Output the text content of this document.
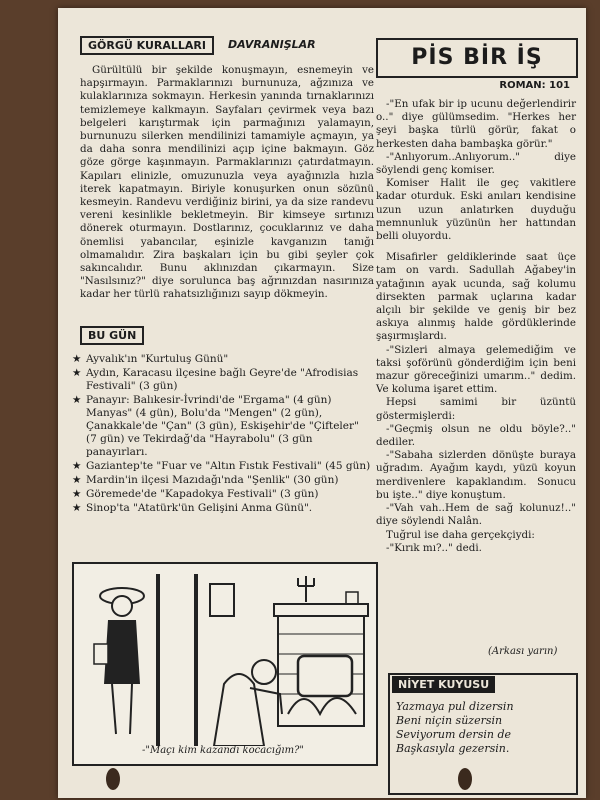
GÖRGÜ KURALLARI	DAVRANIŞLAR
Gürültülü bir şekilde konuşmayın, esnemeyin ve hapşırmayın. Parmaklarınızı burnunuza, ağzınıza ve kulaklarınıza sokmayın. Herkesin yanında tırnaklarınızı temizlemeye kalkmayın. Sayfaları çevirmek veya bazı belgeleri karıştırmak için parmağınızı yalamayın, burnunuzu silerken mendilinizi tamamiyle açmayın, ya da daha sonra mendilinizi açıp içine bakmayın. Göz göze görge kaşınmayın. Parmaklarınızı çatırdatmayın. Kapıları elinizle, omuzunuzla veya ayağınızla hızla iterek kapatmayın. Biriyle konuşurken onun sözünü kesmeyin. Randevu verdiğiniz birini, ya da size randevu vereni kesinlikle bekletmeyin. Bir kimseye sırtınızı dönerek oturmayın. Dostlarınız, çocuklarınız ve daha önemlisi yabancılar, eşinizle kavganızın tanığı olmamalıdır. Zira başkaları için bu gibi şeyler çok sakıncalıdır. Bunu aklınızdan çıkarmayın. Size "Nasılsınız?" diye sorulunca baş ağrınızdan nasırınıza kadar her türlü rahatsızlığınızı sayıp dökmeyin.
BU GÜN
★ Ayvalık'ın "Kurtuluş Günü"
★ Aydın, Karacasu ilçesine bağlı Geyre'de "Afrodisias Festivali" (3 gün)
★ Panayır: Balıkesir-İvrindi'de "Ergama" (4 gün) Manyas" (4 gün), Bolu'da "Mengen" (2 gün), Çanakkale'de "Çan" (3 gün), Eskişehir'de "Çifteler" (7 gün) ve Tekirdağ'da "Hayrabolu" (3 gün panayırları.
★ Gaziantep'te "Fuar ve "Altın Fıstık Festivali" (45 gün)
★ Mardin'in ilçesi Mazıdağı'nda "Şenlik" (30 gün)
★ Göremede'de "Kapadokya Festivali" (3 gün)
★ Sinop'ta "Atatürk'ün Gelişini Anma Günü".
-"Maçı kim kazandı kocacığım?"
PİS BİR İŞ
ROMAN: 101

-"En ufak bir ip ucunu değerlendirir o.." diye gülümsedim. "Herkes her şeyi başka türlü görür, fakat o herkesten daha bambaşka görür."

-"Anlıyorum..Anlıyorum.." diye söylendi genç komiser.

Komiser Halit ile geç vakitlere kadar oturduk. Eski anıları kendisine uzun uzun anlatırken duyduğu memnunluk yüzünün her hattından belli oluyordu.

Misafirler geldiklerinde saat üçe tam on vardı. Sadullah Ağabey'in yatağının ayak ucunda, sağ kolumu dirsekten parmak uçlarına kadar alçılı bir şekilde ve geniş bir bez askıya alınmış halde gördüklerinde şaşırmışlardı.

-"Sizleri almaya gelemediğim ve taksi şoförünü gönderdiğim için beni mazur göreceğinizi umarım.." dedim. Ve koluma işaret ettim.

Hepsi samimi bir üzüntü göstermişlerdi:

-"Geçmiş olsun ne oldu böyle?.." dediler.

-"Sabaha sizlerden dönüşte buraya uğradım. Ayağım kaydı, yüzü koyun merdivenlere kapaklandım. Sonucu bu işte.." diye konuştum.

-"Vah vah..Hem de sağ kolunuz!.." diye söylendi Nalân.

Tuğrul ise daha gerçekçiydi:

-"Kırık mı?.." dedi.

(Arkası yarın)
NİYET KUYUSU
Yazmaya pul dizersin
Beni niçin süzersin
Seviyorum dersin de
Başkasıyla gezersin.
